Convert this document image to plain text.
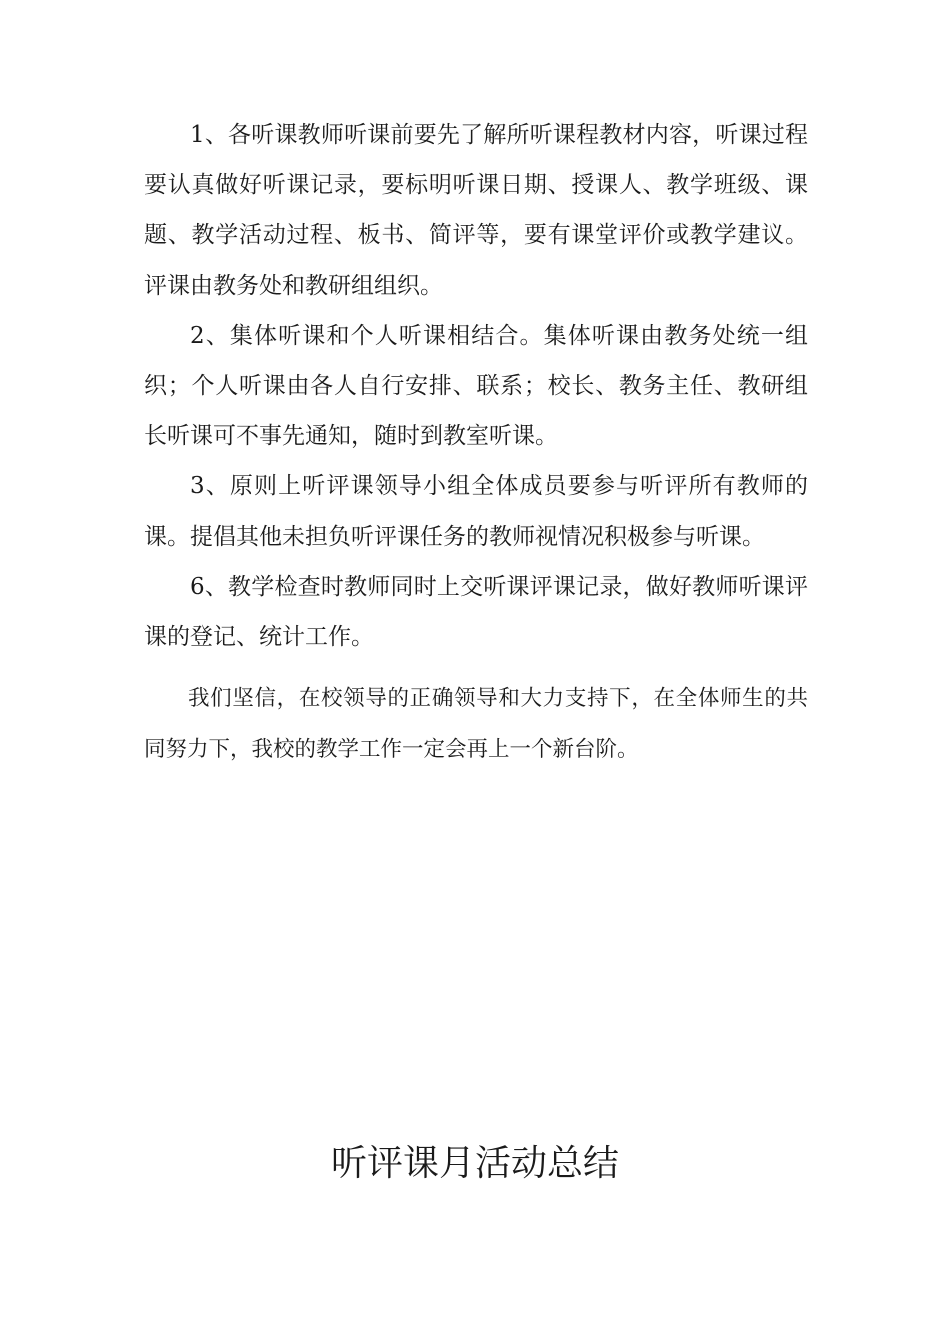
1、各听课教师听课前要先了解所听课程教材内容，听课过程要认真做好听课记录，要标明听课日期、授课人、教学班级、课题、教学活动过程、板书、简评等，要有课堂评价或教学建议。评课由教务处和教研组组织。

2、集体听课和个人听课相结合。集体听课由教务处统一组织；个人听课由各人自行安排、联系；校长、教务主任、教研组长听课可不事先通知，随时到教室听课。

3、原则上听评课领导小组全体成员要参与听评所有教师的课。提倡其他未担负听评课任务的教师视情况积极参与听课。

6、教学检查时教师同时上交听课评课记录，做好教师听课评课的登记、统计工作。

我们坚信，在校领导的正确领导和大力支持下，在全体师生的共同努力下，我校的教学工作一定会再上一个新台阶。

听评课月活动总结
